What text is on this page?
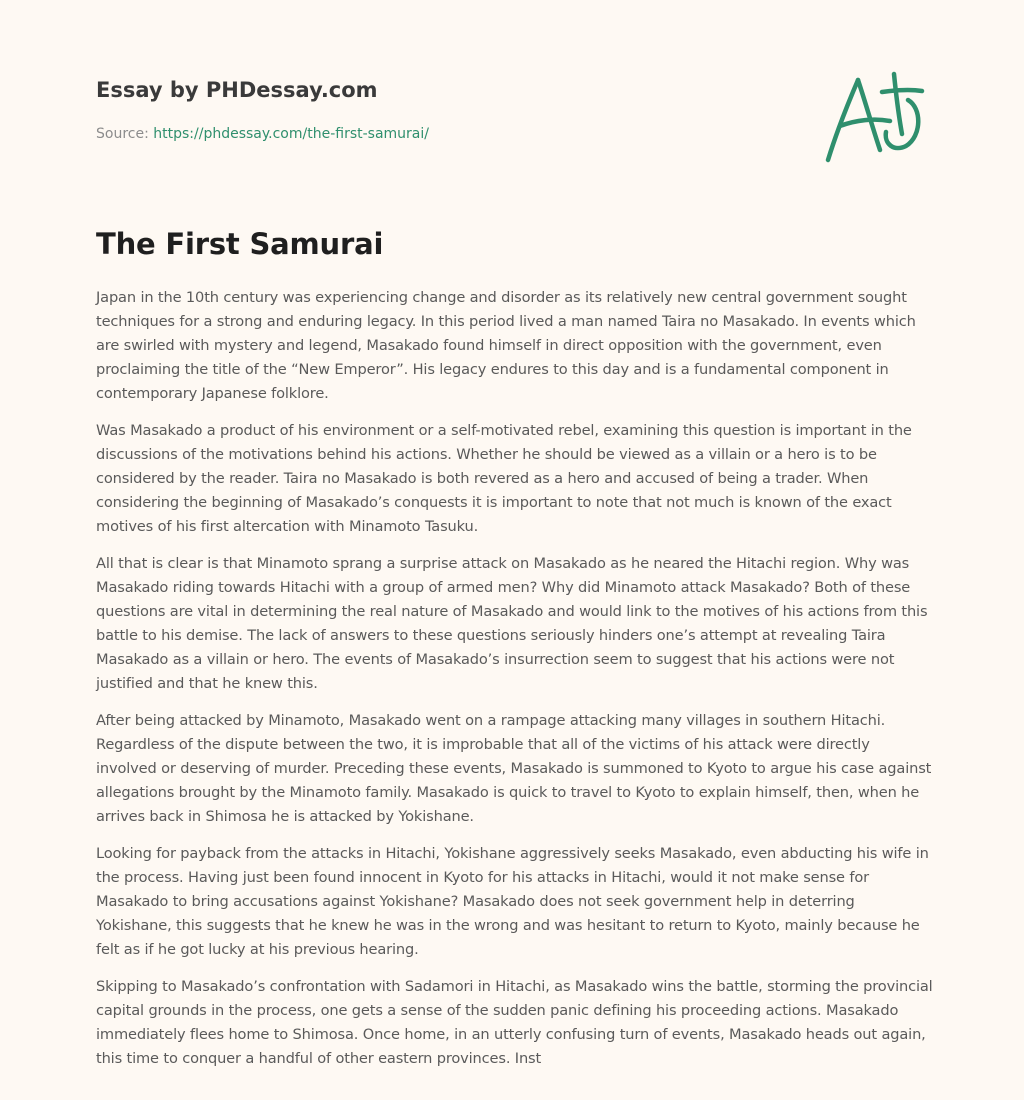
Essay by PHDessay.com
Source: https://phdessay.com/the-first-samurai/
The First Samurai

Japan in the 10th century was experiencing change and disorder as its relatively new central government sought techniques for a strong and enduring legacy. In this period lived a man named Taira no Masakado. In events which are swirled with mystery and legend, Masakado found himself in direct opposition with the government, even proclaiming the title of the “New Emperor”. His legacy endures to this day and is a fundamental component in contemporary Japanese folklore.

Was Masakado a product of his environment or a self-motivated rebel, examining this question is important in the discussions of the motivations behind his actions. Whether he should be viewed as a villain or a hero is to be considered by the reader. Taira no Masakado is both revered as a hero and accused of being a trader. When considering the beginning of Masakado’s conquests it is important to note that not much is known of the exact motives of his first altercation with Minamoto Tasuku.

All that is clear is that Minamoto sprang a surprise attack on Masakado as he neared the Hitachi region. Why was Masakado riding towards Hitachi with a group of armed men? Why did Minamoto attack Masakado? Both of these questions are vital in determining the real nature of Masakado and would link to the motives of his actions from this battle to his demise. The lack of answers to these questions seriously hinders one’s attempt at revealing Taira Masakado as a villain or hero. The events of Masakado’s insurrection seem to suggest that his actions were not justified and that he knew this.

After being attacked by Minamoto, Masakado went on a rampage attacking many villages in southern Hitachi. Regardless of the dispute between the two, it is improbable that all of the victims of his attack were directly involved or deserving of murder. Preceding these events, Masakado is summoned to Kyoto to argue his case against allegations brought by the Minamoto family. Masakado is quick to travel to Kyoto to explain himself, then, when he arrives back in Shimosa he is attacked by Yokishane.

Looking for payback from the attacks in Hitachi, Yokishane aggressively seeks Masakado, even abducting his wife in the process. Having just been found innocent in Kyoto for his attacks in Hitachi, would it not make sense for Masakado to bring accusations against Yokishane? Masakado does not seek government help in deterring Yokishane, this suggests that he knew he was in the wrong and was hesitant to return to Kyoto, mainly because he felt as if he got lucky at his previous hearing.

Skipping to Masakado’s confrontation with Sadamori in Hitachi, as Masakado wins the battle, storming the provincial capital grounds in the process, one gets a sense of the sudden panic defining his proceeding actions. Masakado immediately flees home to Shimosa. Once home, in an utterly confusing turn of events, Masakado heads out again, this time to conquer a handful of other eastern provinces. Inst
